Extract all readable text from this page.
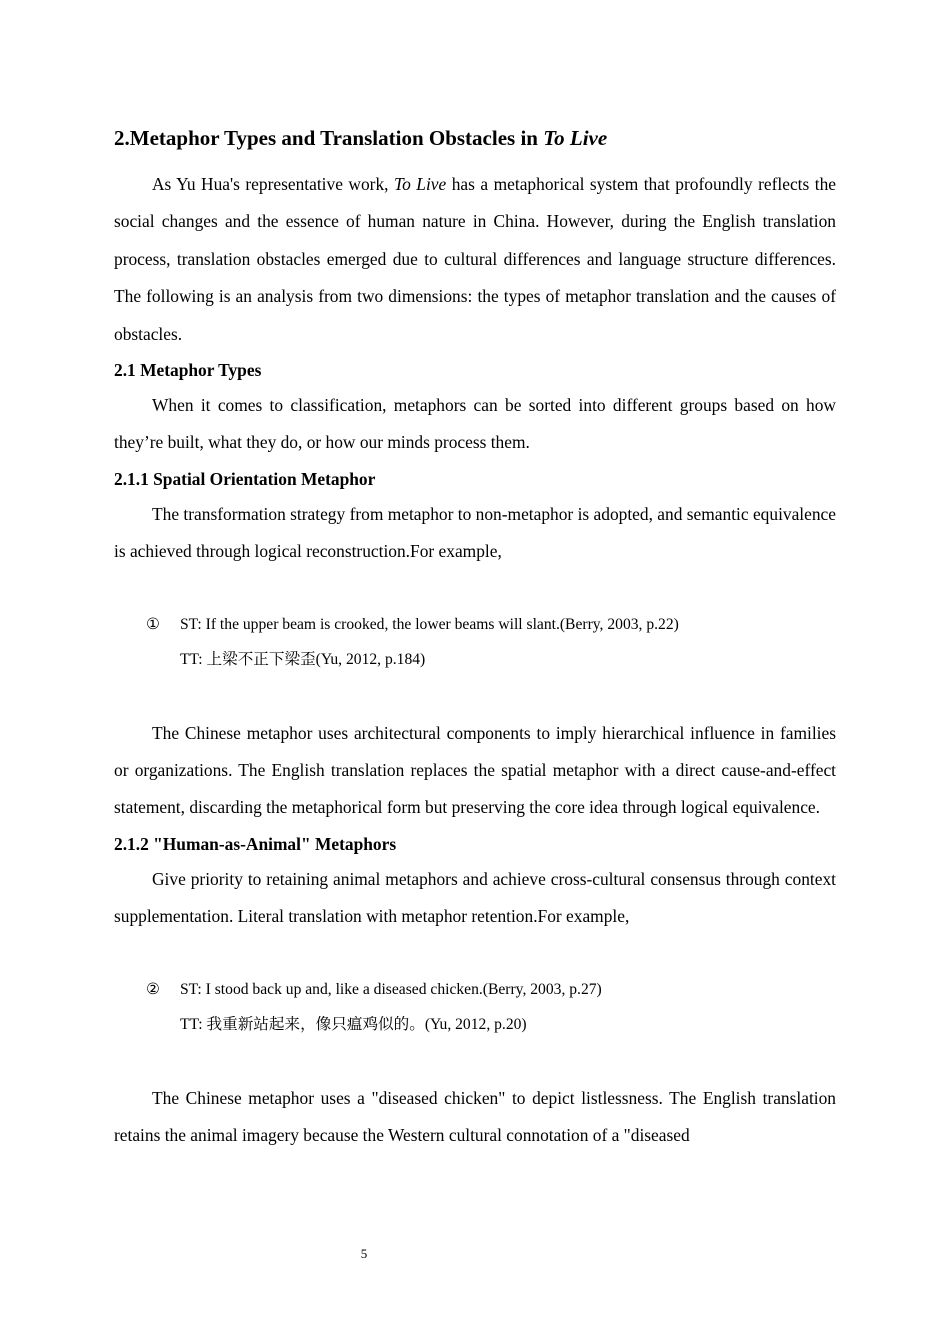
2.Metaphor Types and Translation Obstacles in To Live

As Yu Hua's representative work, To Live has a metaphorical system that profoundly reflects the social changes and the essence of human nature in China. However, during the English translation process, translation obstacles emerged due to cultural differences and language structure differences. The following is an analysis from two dimensions: the types of metaphor translation and the causes of obstacles.

2.1 Metaphor Types

When it comes to classification, metaphors can be sorted into different groups based on how they’re built, what they do, or how our minds process them.

2.1.1 Spatial Orientation Metaphor

The transformation strategy from metaphor to non-metaphor is adopted, and semantic equivalence is achieved through logical reconstruction.For example,

① ST: If the upper beam is crooked, the lower beams will slant.(Berry, 2003, p.22)
TT: 上梁不正下梁歪(Yu, 2012, p.184)

The Chinese metaphor uses architectural components to imply hierarchical influence in families or organizations. The English translation replaces the spatial metaphor with a direct cause-and-effect statement, discarding the metaphorical form but preserving the core idea through logical equivalence.

2.1.2 "Human-as-Animal" Metaphors

Give priority to retaining animal metaphors and achieve cross-cultural consensus through context supplementation. Literal translation with metaphor retention.For example,

② ST: I stood back up and, like a diseased chicken.(Berry, 2003, p.27)
TT: 我重新站起来，像只瘟鸡似的。(Yu, 2012, p.20)

The Chinese metaphor uses a "diseased chicken" to depict listlessness. The English translation retains the animal imagery because the Western cultural connotation of a "diseased

5
